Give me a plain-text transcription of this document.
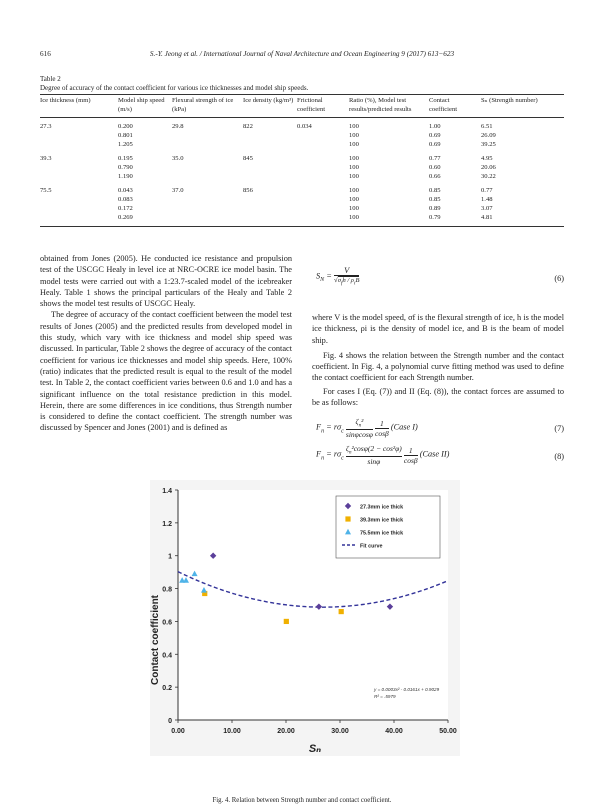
616	S.-Y. Jeong et al. / International Journal of Naval Architecture and Ocean Engineering 9 (2017) 613−623
Table 2
Degree of accuracy of the contact coefficient for various ice thicknesses and model ship speeds.
Ice thickness (mm)	Model ship speed (m/s)	Flexural strength of ice (kPa)	Ice density (kg/m³)	Frictional coefficient	Ratio (%), Model test results/predicted results	Contact coefficient	Sₙ (Strength number)
27.3	0.200	29.8	822	0.034	100	1.00	6.51
	0.801				100	0.69	26.09
	1.205				100	0.69	39.25
39.3	0.195	35.0	845		100	0.77	4.95
	0.790				100	0.60	20.06
	1.190				100	0.66	30.22
75.5	0.043	37.0	856		100	0.85	0.77
	0.083				100	0.85	1.48
	0.172				100	0.89	3.07
	0.269				100	0.79	4.81

obtained from Jones (2005). He conducted ice resistance and propulsion test of the USCGC Healy in level ice at NRC-OCRE ice model basin. The model tests were carried out with a 1:23.7-scaled model of the icebreaker Healy. Table 1 shows the principal particulars of the Healy and Table 2 shows the model test results of USCGC Healy.

The degree of accuracy of the contact coefficient between the model test results of Jones (2005) and the predicted results from developed model in this study, which vary with ice thickness and model ship speed was discussed. In particular, Table 2 shows the degree of accuracy of the contact coefficient for various ice thicknesses and model ship speeds. Here, 100% (ratio) indicates that the predicted result is equal to the result of the model test. In Table 2, the contact coefficient varies between 0.6 and 1.0 and has a significant influence on the total resistance prediction in this model. Herein, there are some differences in ice conditions, thus Strength number is considered to define the contact coefficient. The strength number was discussed by Spencer and Jones (2001) and is defined as

$S_N$ =
V
$√\sigma_fh / \rho_iB$	(6)

where V is the model speed, σf is the flexural strength of ice, h is the model ice thickness, ρi is the density of model ice, and B is the beam of model ship.

Fig. 4 shows the relation between the Strength number and the contact coefficient. In Fig. 4, a polynomial curve fitting method was used to define the contact coefficient for each Strength number.

For cases I (Eq. (7)) and II (Eq. (8)), the contact forces are assumed to be as follows:

$F_n = r\sigma_c \frac{\zeta_n^2}{\sin\varphi\cos\varphi}$
$\frac{1}{\cos\beta}$ (Case I)	(7)
$F_n = r\sigma_c \frac{\zeta_n^2\cos\varphi(2 - \cos^2\varphi)}{\sin\varphi}$
$\frac{1}{\cos\beta}$ (Case II)	(8)
0
0.2
0.4
0.6
0.8
1
1.2
1.4
0.00	10.00	20.00	30.00	40.00	50.00
27.3mm ice thick
39.3mm ice thick
75.5mm ice thick
Fit curve
Contact coefficient
Sₙ
y = 0.0003x² - 0.0161x + 0.9029
R² = .5979
Fig. 4. Relation between Strength number and contact coefficient.
